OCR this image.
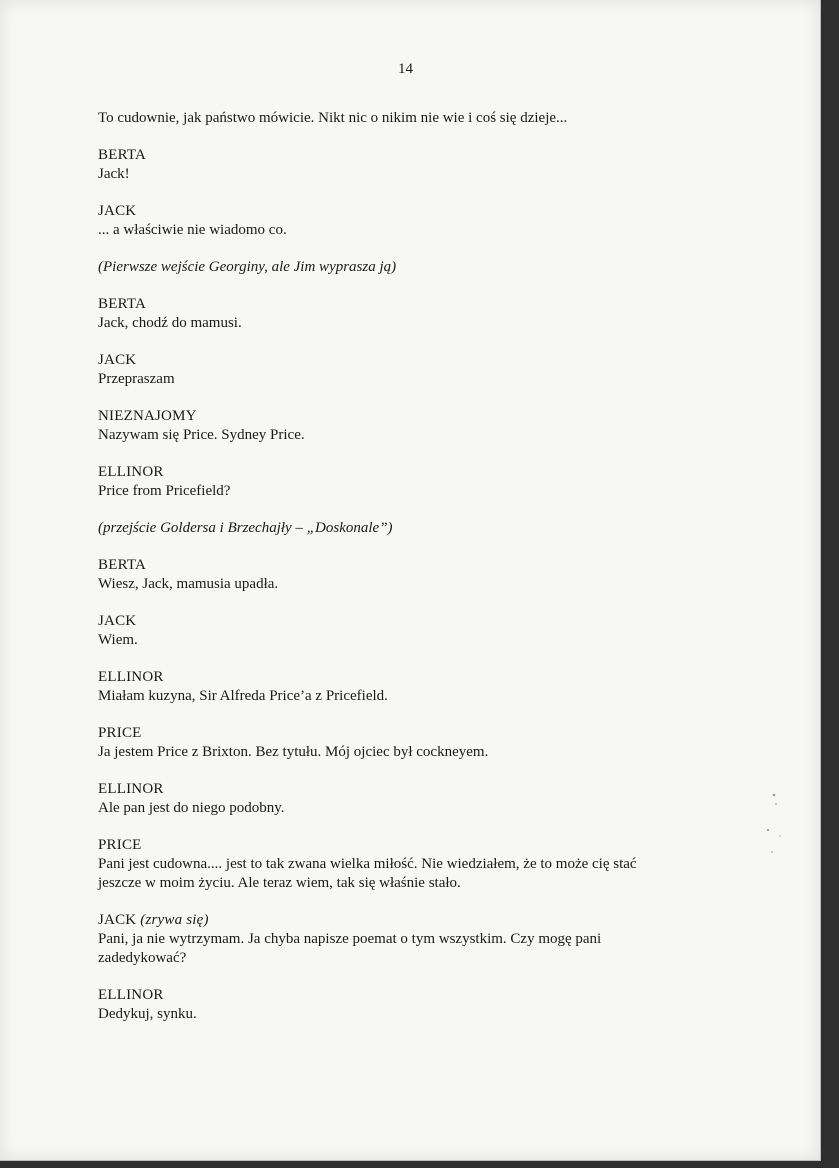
14

To cudownie, jak państwo mówicie. Nikt nic o nikim nie wie i coś się dzieje...

BERTA
Jack!
JACK
... a właściwie nie wiadomo co.

(Pierwsze wejście Georginy, ale Jim wyprasza ją)

BERTA
Jack, chodź do mamusi.
JACK
Przepraszam
NIEZNAJOMY
Nazywam się Price. Sydney Price.
ELLINOR
Price from Pricefield?

(przejście Goldersa i Brzechajły – „Doskonale”)

BERTA
Wiesz, Jack, mamusia upadła.
JACK
Wiem.
ELLINOR
Miałam kuzyna, Sir Alfreda Price’a z Pricefield.
PRICE
Ja jestem Price z Brixton. Bez tytułu. Mój ojciec był cockneyem.
ELLINOR
Ale pan jest do niego podobny.
PRICE
Pani jest cudowna.... jest to tak zwana wielka miłość. Nie wiedziałem, że to może cię stać
jeszcze w moim życiu. Ale teraz wiem, tak się właśnie stało.
JACK (zrywa się)
Pani, ja nie wytrzymam. Ja chyba napisze poemat o tym wszystkim. Czy mogę pani
zadedykować?
ELLINOR
Dedykuj, synku.
